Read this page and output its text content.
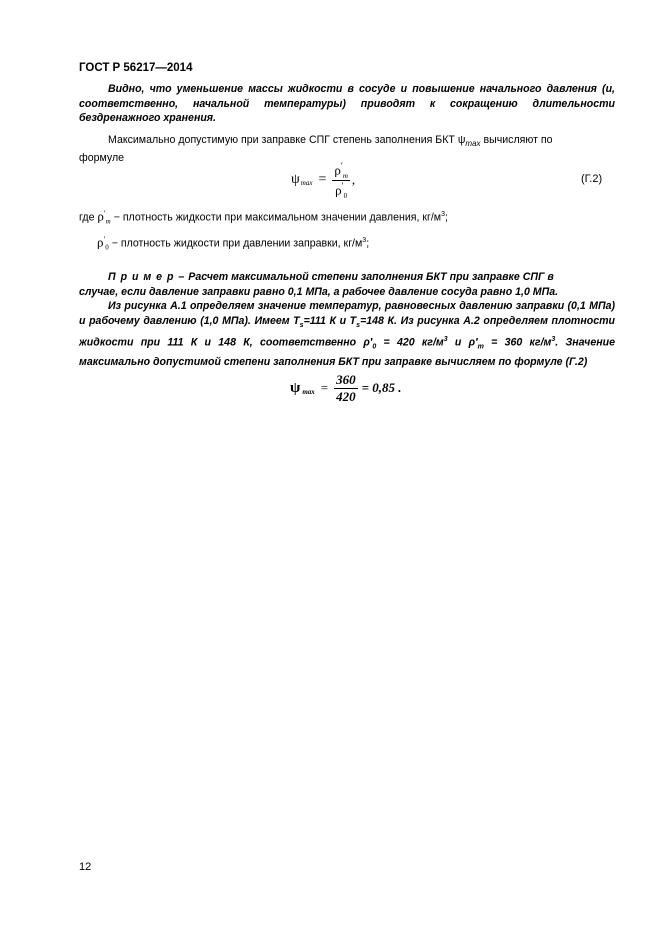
ГОСТ Р 56217—2014
Видно, что уменьшение массы жидкости в сосуде и повышение начального давления (и, соответственно, начальной температуры) приводят к сокращению длительности бездренажного хранения.
Максимально допустимую при заправке СПГ степень заполнения БКТ $\psi_{max}$ вычисляют по
формуле
ψ $\max = \frac{\rho'_m}{\rho'_0}$ ,	(Г.2)
где $\rho'_m$ − плотность жидкости при максимальном значении давления, $кг/м^3$;
$\rho'_0$ − плотность жидкости при давлении заправки, $кг/м^3$;
П р и м е р – Расчет максимальной степени заполнения БКТ при заправке СПГ в
случае, если давление заправки равно 0,1 МПа, а рабочее давление сосуда равно 1,0 МПа.
Из рисунка А.1 определяем значение температур, равновесных давлению заправки (0,1 МПа) и рабочему давлению (1,0 МПа). Имеем $T_s=111$ К и $T_s=148$ К. Из рисунка А.2 определяем плотности жидкости при 111 К и 148 К, соответственно $\rho'_0 = 420$ $кг/м^3$ и $\rho'_m = 360$ $кг/м^3$. Значение максимально допустимой степени заполнения БКТ при заправке вычисляем по формуле (Г.2)
ψ $_{max} = \frac{360}{420} = 0,85$ .
12
